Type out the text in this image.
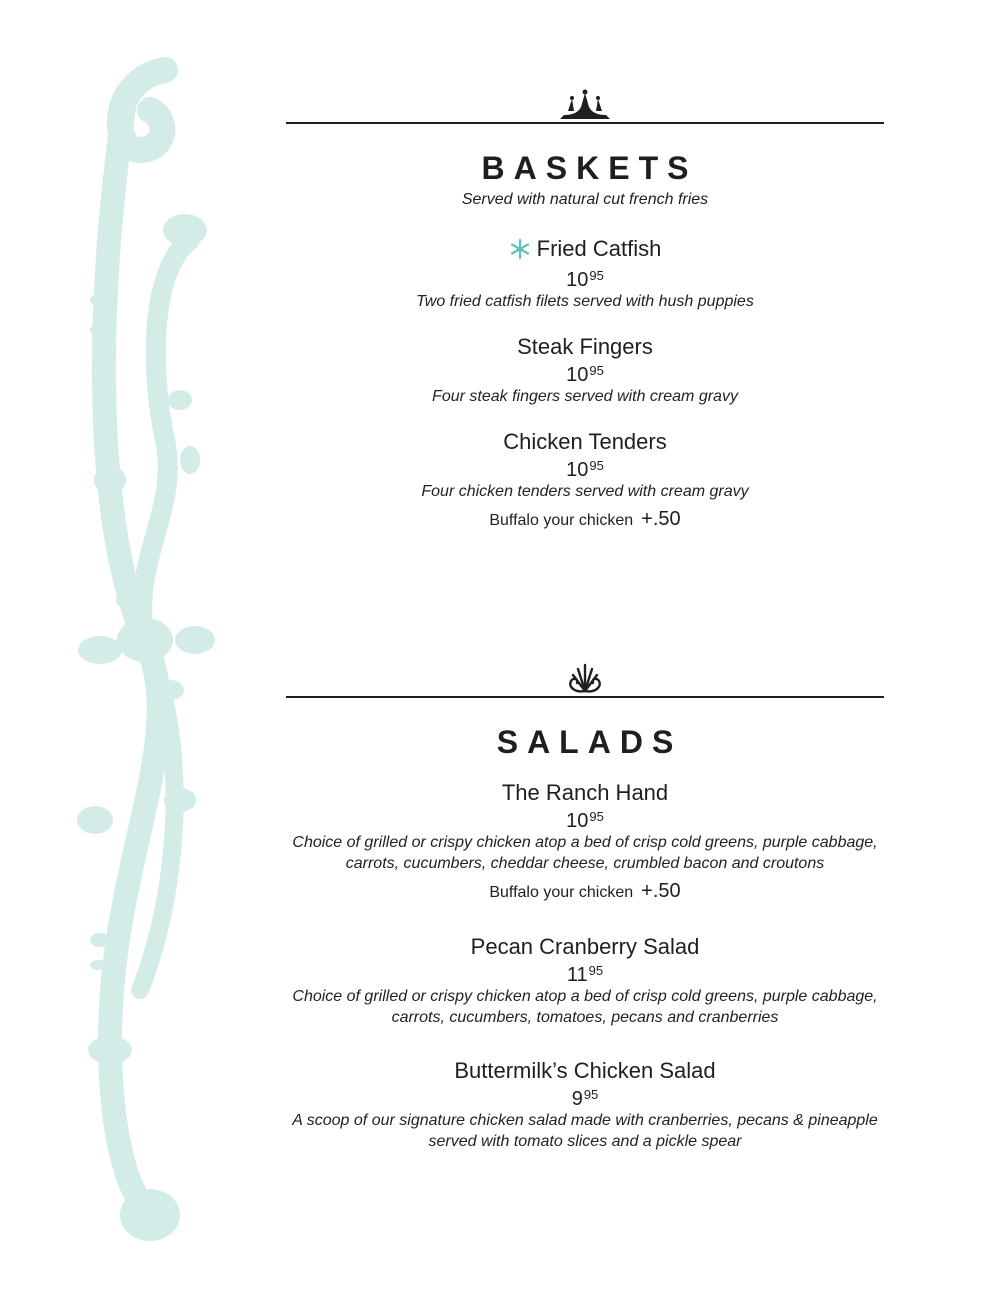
BASKETS
Served with natural cut french fries
Fried Catfish
$10^{95}$
Two fried catfish filets served with hush puppies
Steak Fingers
$10^{95}$
Four steak fingers served with cream gravy
Chicken Tenders
$10^{95}$
Four chicken tenders served with cream gravy
Buffalo your chicken +.50
SALADS
The Ranch Hand
$10^{95}$
Choice of grilled or crispy chicken atop a bed of crisp cold greens, purple cabbage,
carrots, cucumbers, cheddar cheese, crumbled bacon and croutons
Buffalo your chicken +.50
Pecan Cranberry Salad
$11^{95}$
Choice of grilled or crispy chicken atop a bed of crisp cold greens, purple cabbage,
carrots, cucumbers, tomatoes, pecans and cranberries
Buttermilk’s Chicken Salad
$9^{95}$
A scoop of our signature chicken salad made with cranberries, pecans & pineapple
served with tomato slices and a pickle spear
